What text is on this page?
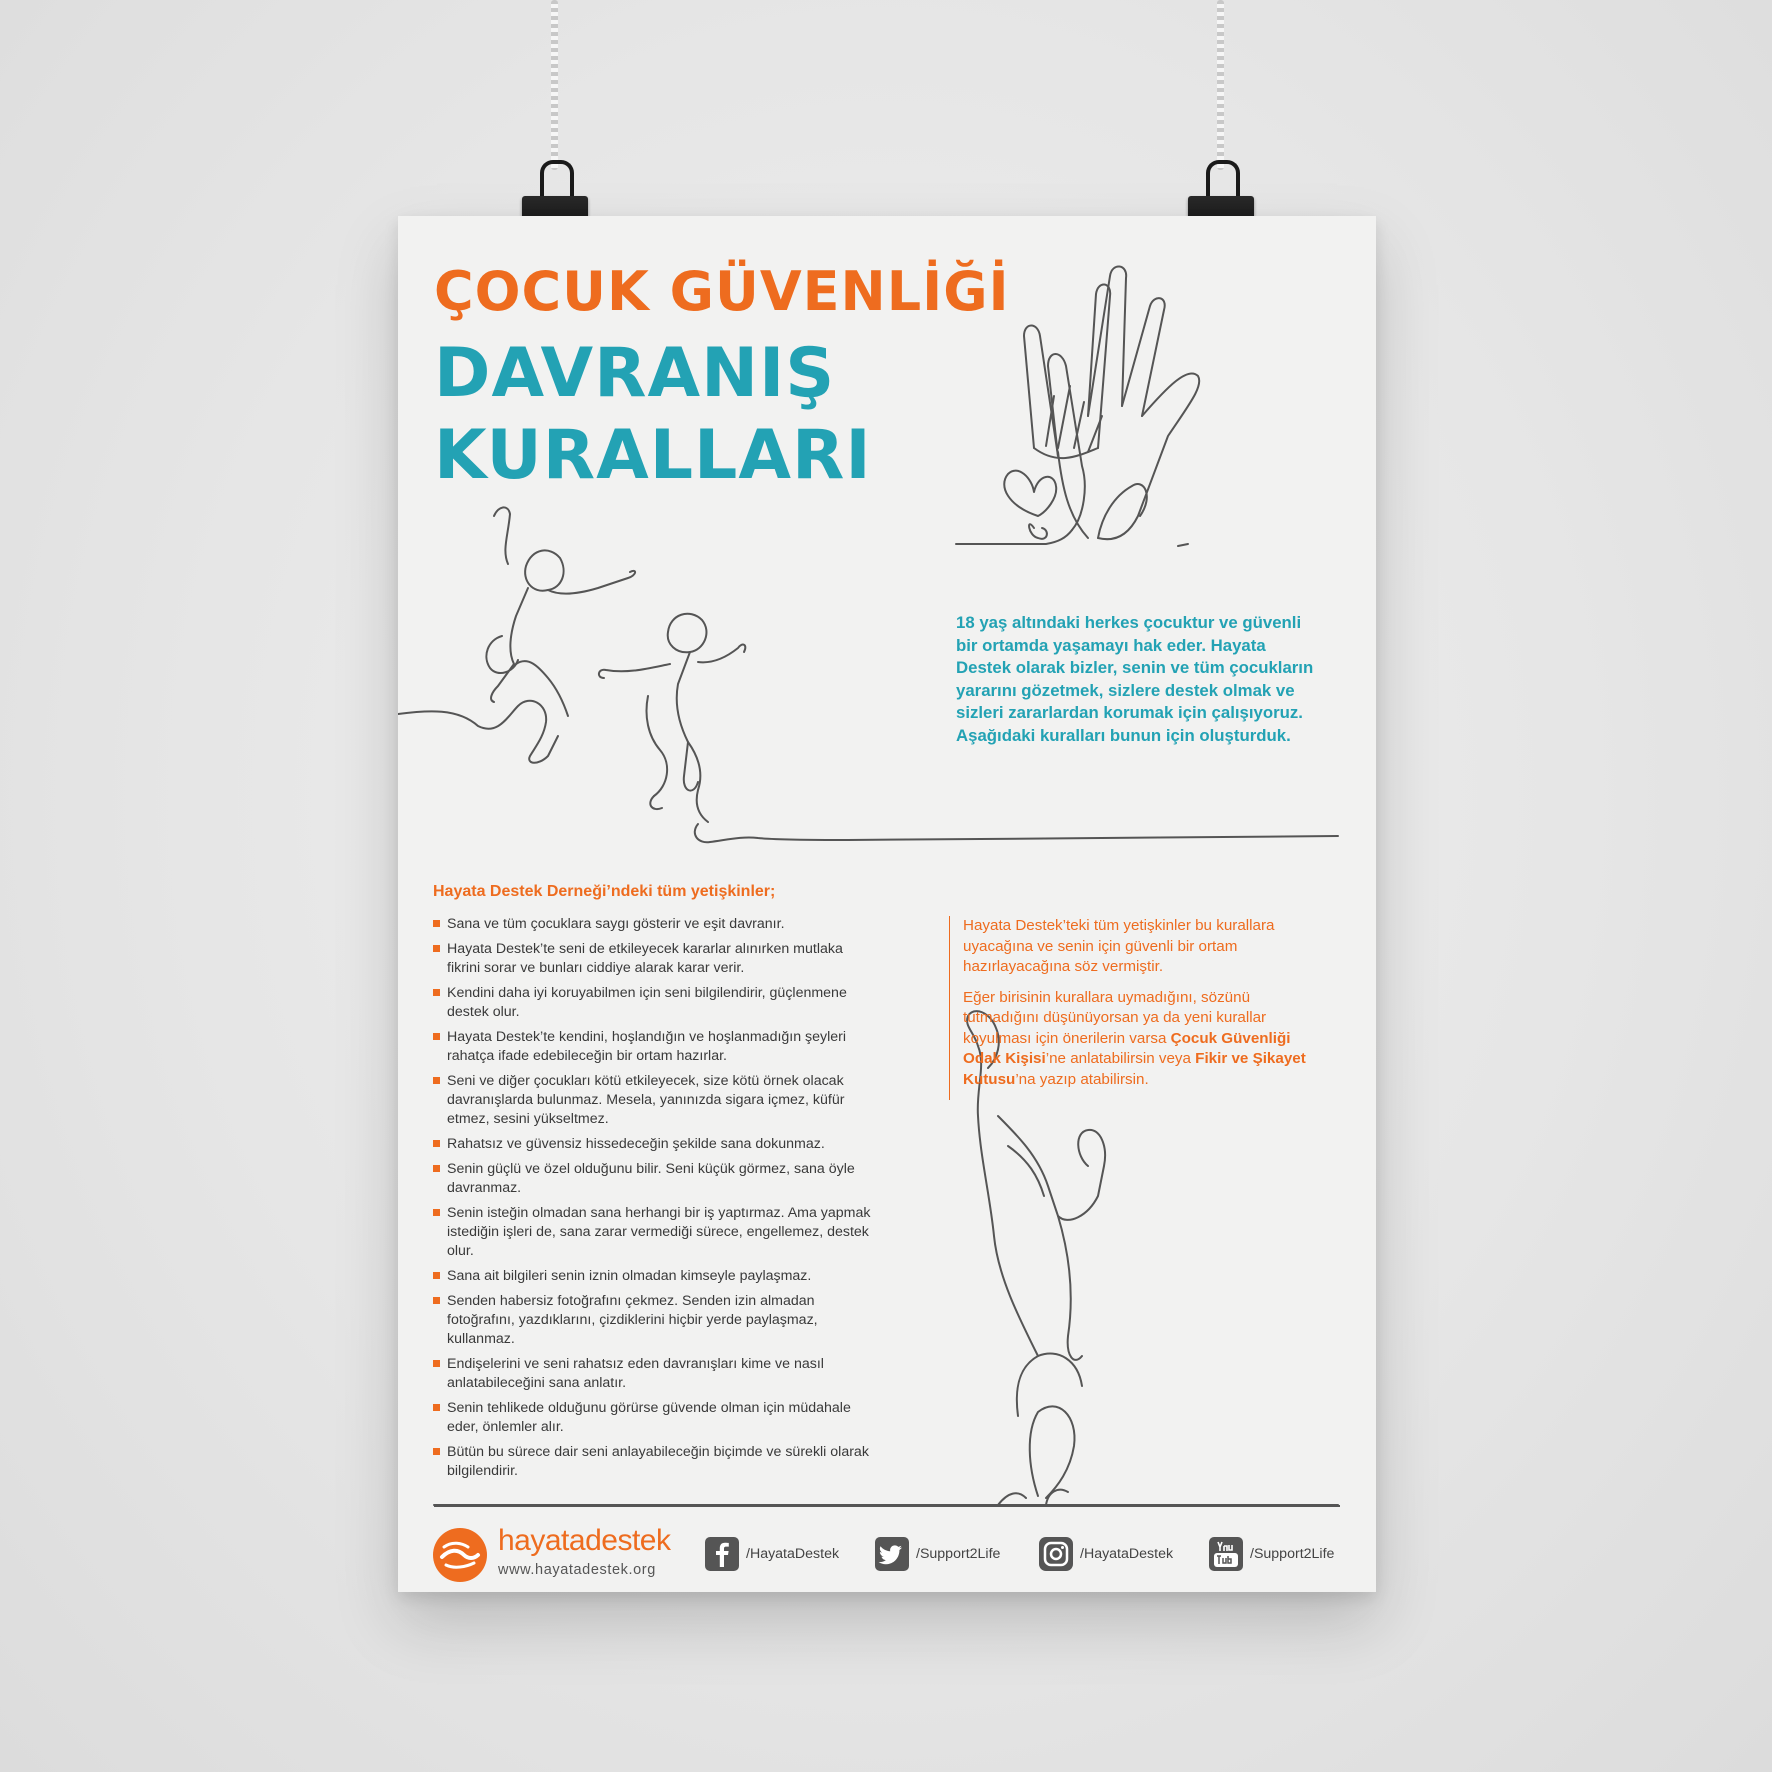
ÇOCUK GÜVENLİĞİ
DAVRANIŞ
KURALLARI

18 yaş altındaki herkes çocuktur ve güvenli bir ortamda yaşamayı hak eder. Hayata Destek olarak bizler, senin ve tüm çocukların yararını gözetmek, sizlere destek olmak ve sizleri zararlardan korumak için çalışıyoruz. Aşağıdaki kuralları bunun için oluşturduk.

Hayata Destek Derneği’ndeki tüm yetişkinler;
Sana ve tüm çocuklara saygı gösterir ve eşit davranır.
Hayata Destek’te seni de etkileyecek kararlar alınırken mutlaka fikrini sorar ve bunları ciddiye alarak karar verir.
Kendini daha iyi koruyabilmen için seni bilgilendirir, güçlenmene destek olur.
Hayata Destek’te kendini, hoşlandığın ve hoşlanmadığın şeyleri rahatça ifade edebileceğin bir ortam hazırlar.
Seni ve diğer çocukları kötü etkileyecek, size kötü örnek olacak davranışlarda bulunmaz. Mesela, yanınızda sigara içmez, küfür etmez, sesini yükseltmez.
Rahatsız ve güvensiz hissedeceğin şekilde sana dokunmaz.
Senin güçlü ve özel olduğunu bilir. Seni küçük görmez, sana öyle davranmaz.
Senin isteğin olmadan sana herhangi bir iş yaptırmaz. Ama yapmak istediğin işleri de, sana zarar vermediği sürece, engellemez, destek olur.
Sana ait bilgileri senin iznin olmadan kimseyle paylaşmaz.
Senden habersiz fotoğrafını çekmez. Senden izin almadan fotoğrafını, yazdıklarını, çizdiklerini hiçbir yerde paylaşmaz, kullanmaz.
Endişelerini ve seni rahatsız eden davranışları kime ve nasıl anlatabileceğini sana anlatır.
Senin tehlikede olduğunu görürse güvende olman için müdahale eder, önlemler alır.
Bütün bu sürece dair seni anlayabileceğin biçimde ve sürekli olarak bilgilendirir.

Hayata Destek’teki tüm yetişkinler bu kurallara uyacağına ve senin için güvenli bir ortam hazırlayacağına söz vermiştir.

Eğer birisinin kurallara uymadığını, sözünü tutmadığını düşünüyorsan ya da yeni kurallar koyulması için önerilerin varsa Çocuk Güvenliği Odak Kişisi’ne anlatabilirsin veya Fikir ve Şikayet Kutusu’na yazıp atabilirsin.

hayatadestek
www.hayatadestek.org
/HayataDestek	/Support2Life	/HayataDestek	/Support2Life
